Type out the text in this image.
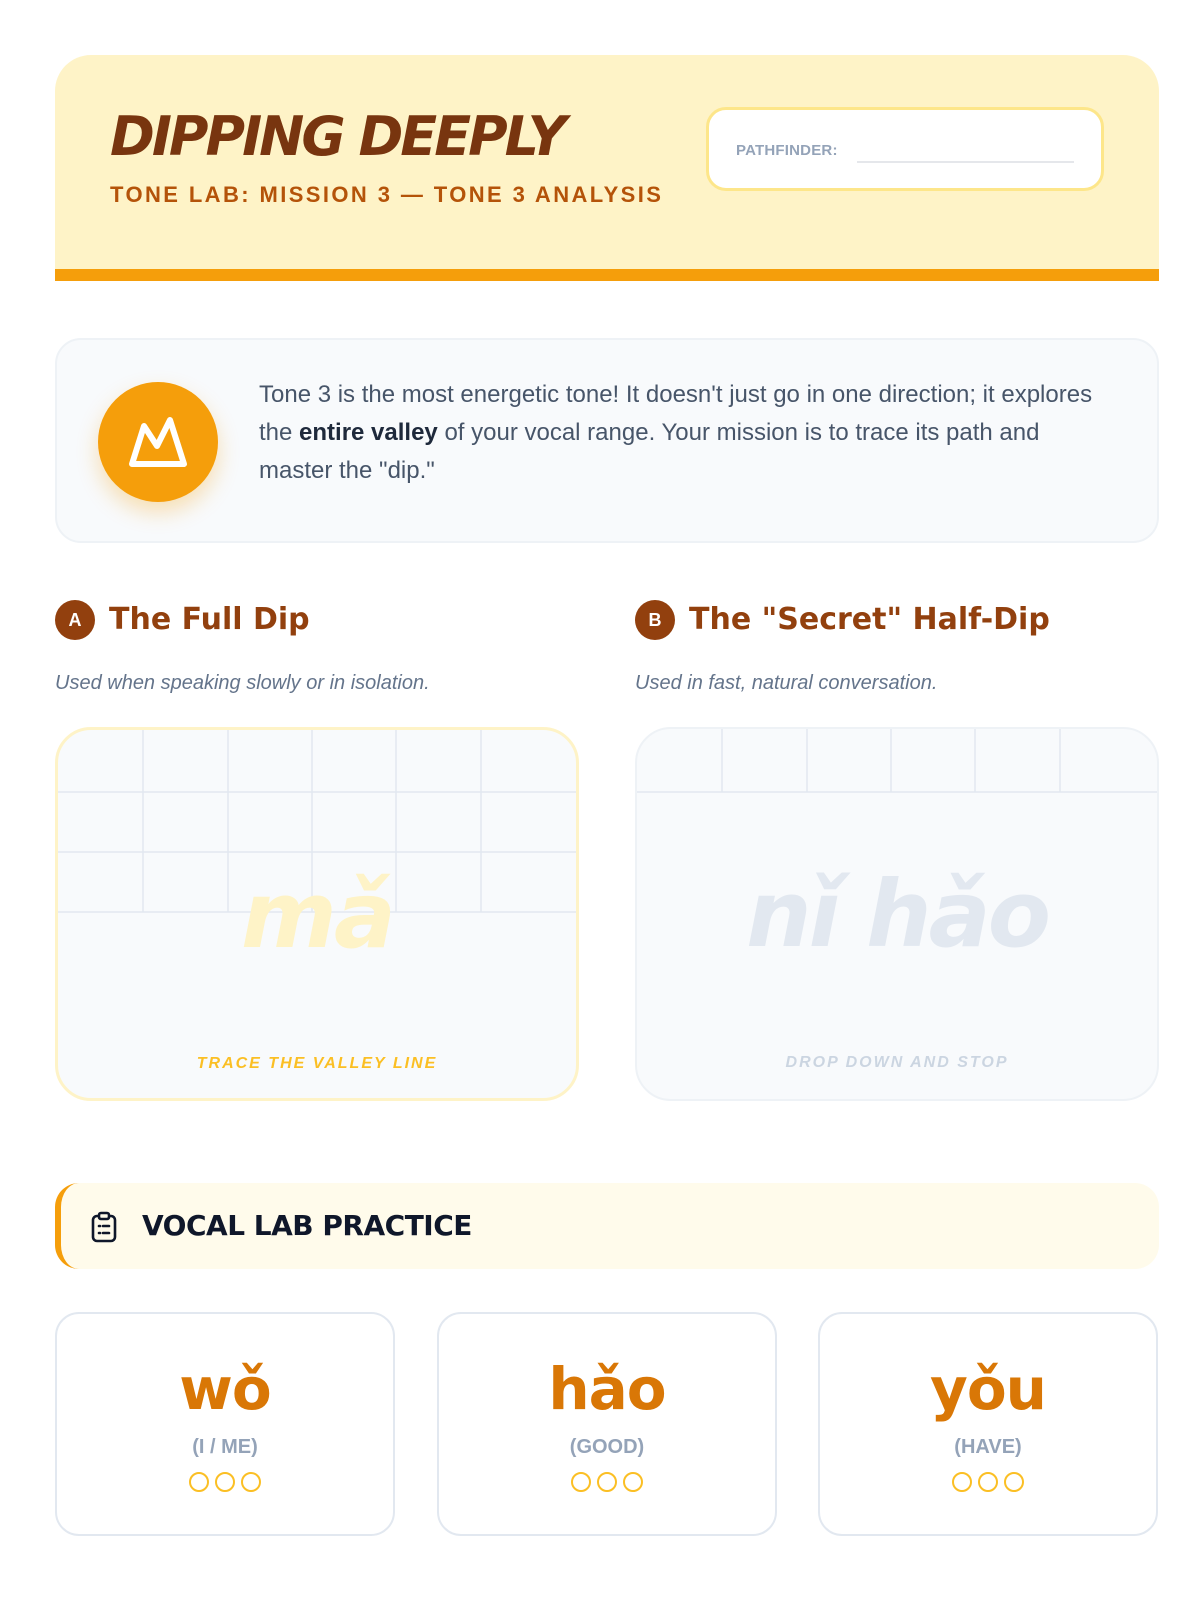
DIPPING DEEPLY
TONE LAB: MISSION 3 — TONE 3 ANALYSIS
PATHFINDER:

Tone 3 is the most energetic tone! It doesn't just go in one direction; it explores the entire valley of your vocal range. Your mission is to trace its path and master the "dip."

A The Full Dip
Used when speaking slowly or in isolation.
mǎ
TRACE THE VALLEY LINE
B The "Secret" Half-Dip
Used in fast, natural conversation.
nǐ hǎo
DROP DOWN AND STOP
VOCAL LAB PRACTICE
wǒ
(I / ME)
hǎo
(GOOD)
yǒu
(HAVE)
